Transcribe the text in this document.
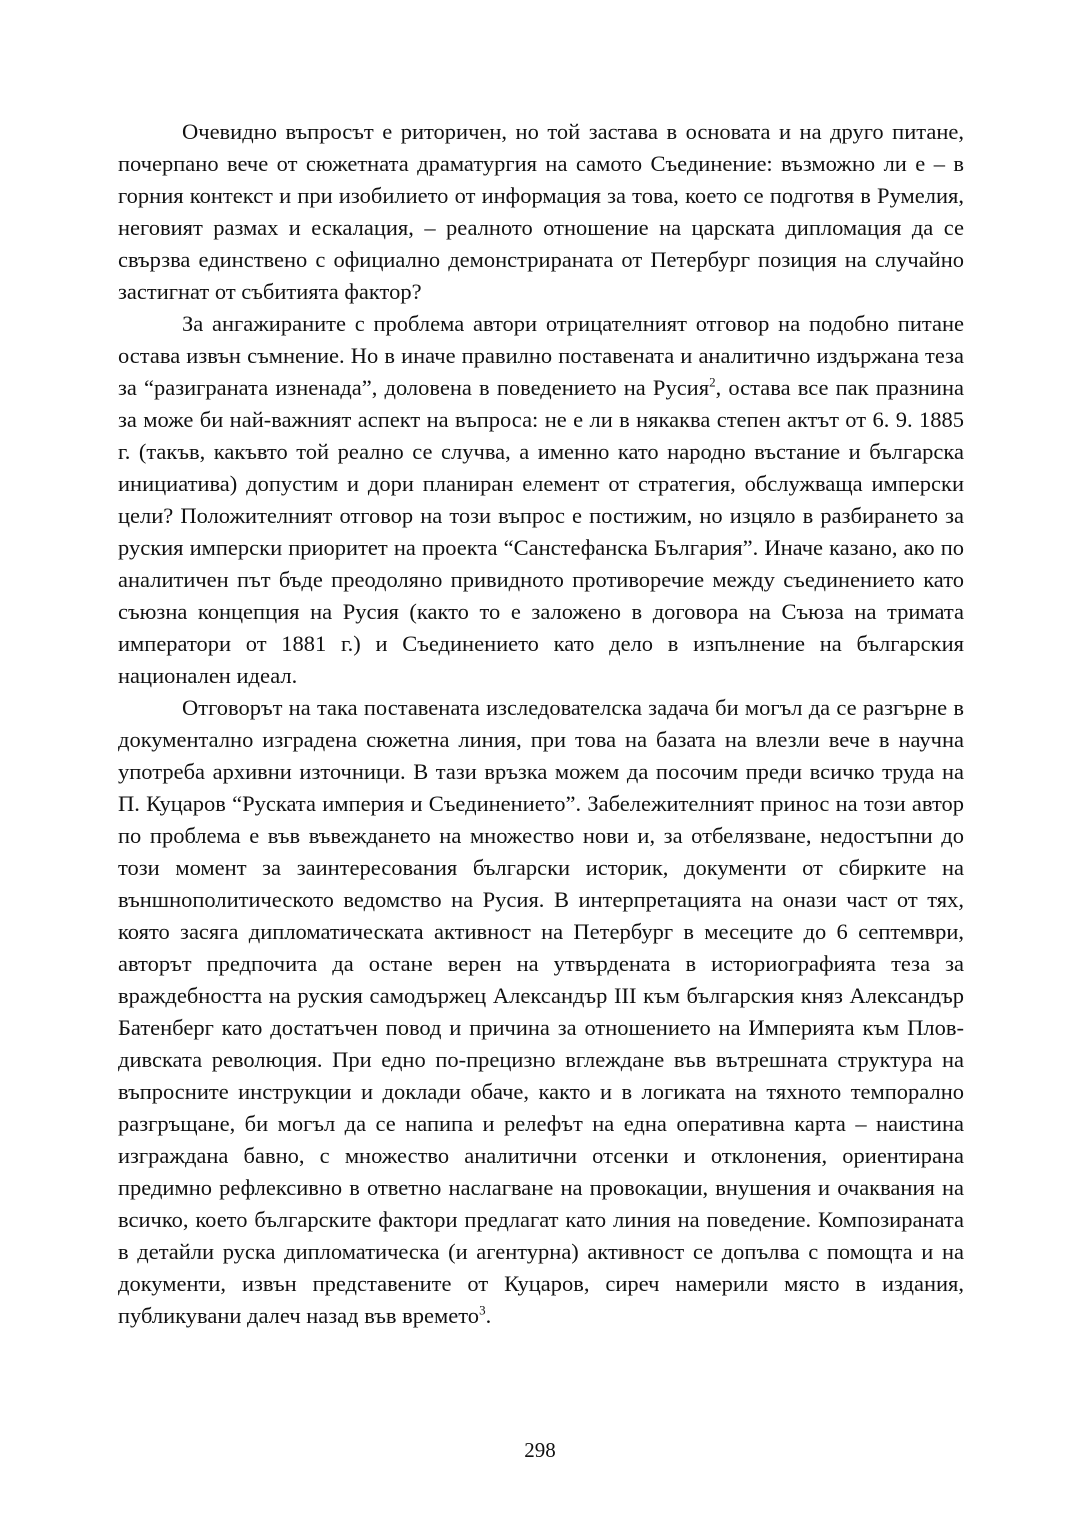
Очевидно въпросът е риторичен, но той застава в основата и на друго питане, почерпано вече от сюжетната драматургия на самото Съединение: възможно ли е – в горния контекст и при изобилието от информация за това, което се подготвя в Румелия, неговият размах и ескалация, – реалното отношение на царската дипломация да се свързва единствено с официално демонстрираната от Петербург позиция на случайно застигнат от събитията фактор?

За ангажираните с проблема автори отрицателният отговор на подобно питане остава извън съмнение. Но в иначе правилно поставената и аналитично издържана теза за “разиграната изненада”, доловена в поведението на Русия$^2$, остава все пак празнина за може би най-важният аспект на въпроса: не е ли в някаква степен актът от 6. 9. 1885 г. (такъв, какъвто той реално се случва, а именно като народно въстание и българска инициатива) допустим и дори планиран елемент от стратегия, обслужваща имперски цели? Положителният отговор на този въпрос е постижим, но изцяло в разбирането за руския имперски приоритет на проекта “Санстефанска България”. Иначе казано, ако по аналитичен път бъде преодоляно привидното противоречие между съединението като съюзна концепция на Русия (както то е заложено в договора на Съюза на тримата императори от 1881 г.) и Съединението като дело в изпълнение на българския национален идеал.

Отговорът на така поставената изследователска задача би могъл да се разгърне в документално изградена сюжетна линия, при това на базата на влезли вече в научна употреба архивни източници. В тази връзка можем да посочим преди всичко труда на П. Куцаров “Руската империя и Съединението”. Забележителният принос на този автор по проблема е във въвеждането на множество нови и, за отбелязване, недостъпни до този момент за заинтересования български историк, документи от сбирките на външнополитическото ведомство на Русия. В интерпретацията на онази част от тях, която засяга дипломатическата активност на Петербург в месеците до 6 септември, авторът предпочита да остане верен на утвърдената в историографията теза за враждебността на руския самодържец Александър III към българския княз Александър Батенберг като достатъчен повод и причина за отношението на Империята към Пловдивската революция. При едно по-прецизно вглеждане във вътрешната структура на въпросните инструкции и доклади обаче, както и в логиката на тяхното темпорално разгръщане, би могъл да се напипа и релефът на една оперативна карта – наистина изграждана бавно, с множество аналитични отсенки и отклонения, ориентирана предимно рефлексивно в ответно наслагване на провокации, внушения и очаквания на всичко, което българските фактори предлагат като линия на поведение. Композираната в детайли руска дипломатическа (и агентурна) активност се допълва с помощта и на документи, извън представените от Куцаров, сиреч намерили място в издания, публикувани далеч назад във времето$^3$.

298
